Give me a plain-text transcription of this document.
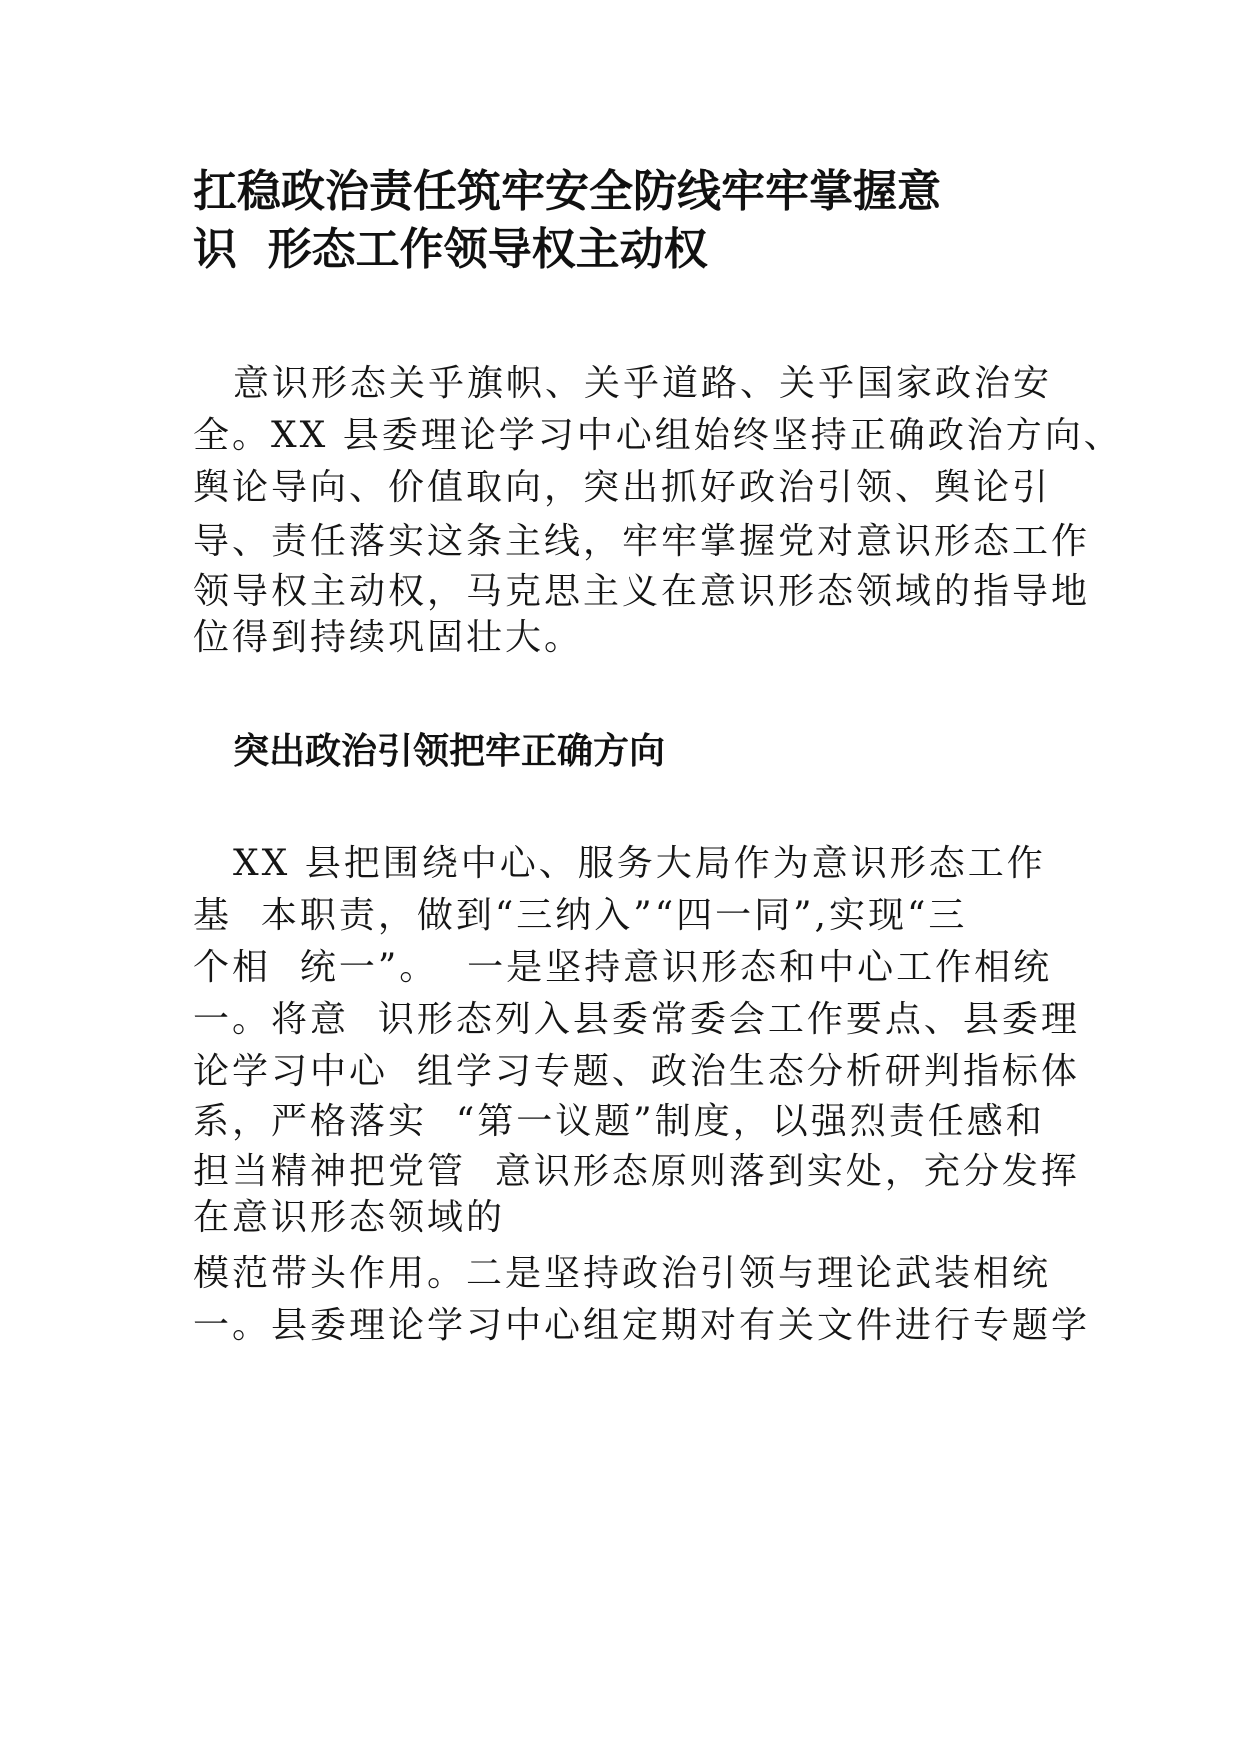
扛稳政治责任筑牢安全防线牢牢掌握意
识  形态工作领导权主动权

意识形态关乎旗帜、关乎道路、关乎国家政治安

全。XX 县委理论学习中心组始终坚持正确政治方向、

舆论导向、价值取向，突出抓好政治引领、舆论引

导、责任落实这条主线，牢牢掌握党对意识形态工作

领导权主动权，马克思主义在意识形态领域的指导地

位得到持续巩固壮大。

突出政治引领把牢正确方向

XX 县把围绕中心、服务大局作为意识形态工作

基  本职责，做到“三纳入”“四一同”,实现“三

个相  统一”。  一是坚持意识形态和中心工作相统

一。将意  识形态列入县委常委会工作要点、县委理

论学习中心  组学习专题、政治生态分析研判指标体

系，严格落实  “第一议题”制度，以强烈责任感和

担当精神把党管  意识形态原则落到实处，充分发挥

在意识形态领域的

模范带头作用。二是坚持政治引领与理论武装相统

一。县委理论学习中心组定期对有关文件进行专题学
